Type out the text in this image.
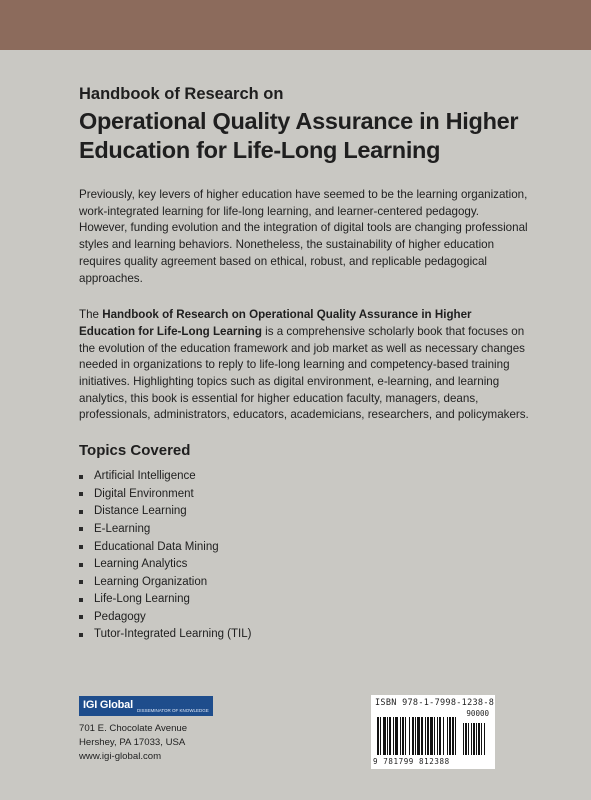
Handbook of Research on

Operational Quality Assurance in Higher
Education for Life-Long Learning

Previously, key levers of higher education have seemed to be the learning organization, work-integrated learning for life-long learning, and learner-centered pedagogy. However, funding evolution and the integration of digital tools are changing professional styles and learning behaviors. Nonetheless, the sustainability of higher education requires quality agreement based on ethical, robust, and replicable pedagogical approaches.

The Handbook of Research on Operational Quality Assurance in Higher Education for Life-Long Learning is a comprehensive scholarly book that focuses on the evolution of the education framework and job market as well as necessary changes needed in organizations to reply to life-long learning and competency-based training initiatives. Highlighting topics such as digital environment, e-learning, and learning analytics, this book is essential for higher education faculty, managers, deans, professionals, administrators, educators, academicians, researchers, and policymakers.

Topics Covered
Artificial Intelligence
Digital Environment
Distance Learning
E-Learning
Educational Data Mining
Learning Analytics
Learning Organization
Life-Long Learning
Pedagogy
Tutor-Integrated Learning (TIL)
IGI Global DISSEMINATOR OF KNOWLEDGE
701 E. Chocolate Avenue
Hershey, PA 17033, USA
www.igi-global.com
ISBN 978-1-7998-1238-8
90000
9 781799 812388
